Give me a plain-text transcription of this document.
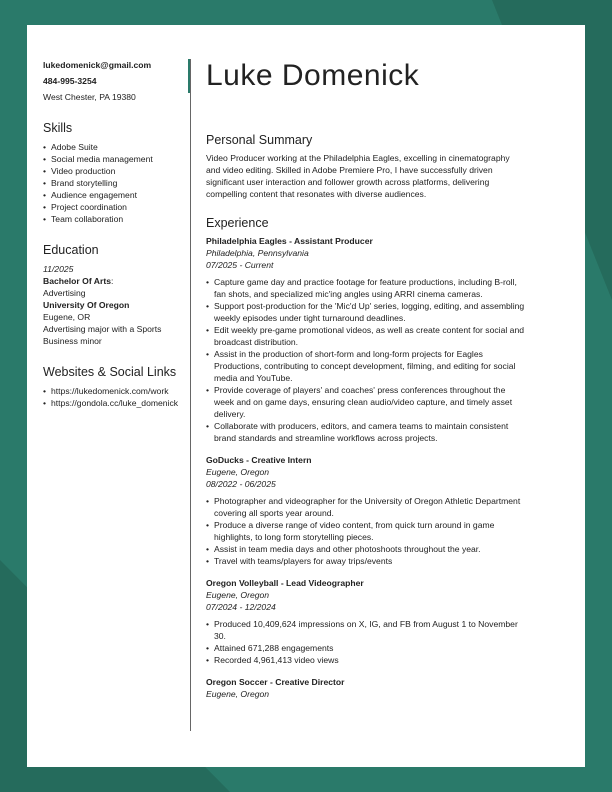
lukedomenick@gmail.com
484-995-3254
West Chester, PA 19380
Skills
• Adobe Suite
• Social media management
• Video production
• Brand storytelling
• Audience engagement
• Project coordination
• Team collaboration
Education
11/2025
Bachelor Of Arts:
Advertising
University Of Oregon
Eugene, OR
Advertising major with a Sports Business minor
Websites & Social Links
• https://lukedomenick.com/work
• https://gondola.cc/luke_domenick
Luke Domenick
Personal Summary
Video Producer working at the Philadelphia Eagles, excelling in cinematography and video editing. Skilled in Adobe Premiere Pro, I have successfully driven significant user interaction and follower growth across platforms, delivering compelling content that resonates with diverse audiences.
Experience
Philadelphia Eagles - Assistant Producer
Philadelphia, Pennsylvania
07/2025 - Current
• Capture game day and practice footage for feature productions, including B-roll, fan shots, and specialized mic'ing angles using ARRI cinema cameras.
• Support post-production for the 'Mic'd Up' series, logging, editing, and assembling weekly episodes under tight turnaround deadlines.
• Edit weekly pre-game promotional videos, as well as create content for social and broadcast distribution.
• Assist in the production of short-form and long-form projects for Eagles Productions, contributing to concept development, filming, and editing for social media and YouTube.
• Provide coverage of players' and coaches' press conferences throughout the week and on game days, ensuring clean audio/video capture, and timely asset delivery.
• Collaborate with producers, editors, and camera teams to maintain consistent brand standards and streamline workflows across projects.
GoDucks - Creative Intern
Eugene, Oregon
08/2022 - 06/2025
• Photographer and videographer for the University of Oregon Athletic Department covering all sports year around.
• Produce a diverse range of video content, from quick turn around in game highlights, to long form storytelling pieces.
• Assist in team media days and other photoshoots throughout the year.
• Travel with teams/players for away trips/events
Oregon Volleyball - Lead Videographer
Eugene, Oregon
07/2024 - 12/2024
• Produced 10,409,624 impressions on X, IG, and FB from August 1 to November 30.
• Attained 671,288 engagements
• Recorded 4,961,413 video views
Oregon Soccer - Creative Director
Eugene, Oregon
